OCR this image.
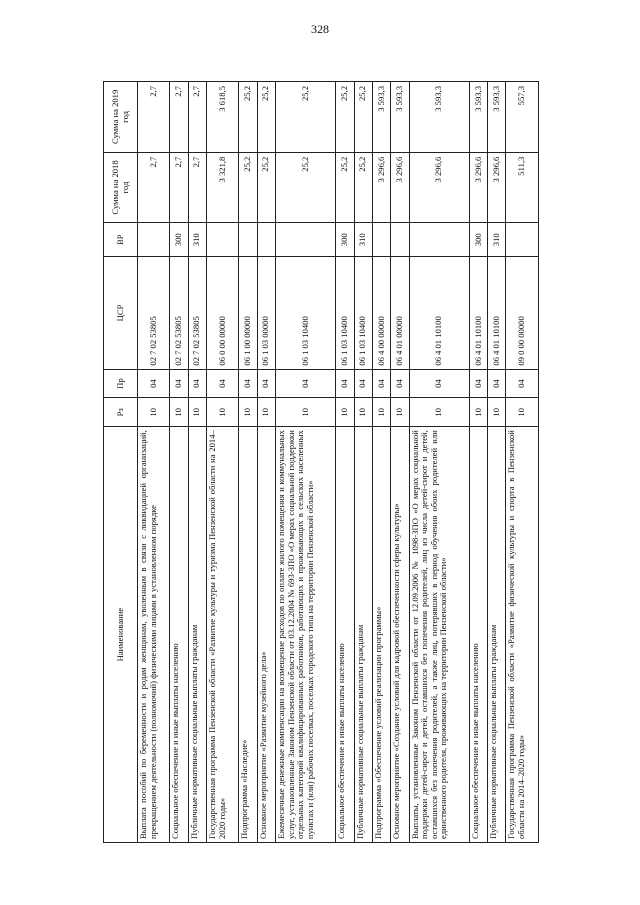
328
Наименование	Рз	Пр	ЦСР	ВР	Сумма на 2018 год	Сумма на 2019 год
Выплата пособий по беременности и родам женщинам, уволенным в связи с ликвидацией организаций, прекращением деятельности (полномочий) физическими лицами в установленном порядке	10	04	02 7 02 53805		2,7	2,7
Социальное обеспечение и иные выплаты населению	10	04	02 7 02 53805	300	2,7	2,7
Публичные нормативные социальные выплаты гражданам	10	04	02 7 02 53805	310	2,7	2,7
Государственная программа Пензенской области «Развитие культуры и туризма Пензенской области на 2014–2020 годы»	10	04	06 0 00 00000		3 321,8	3 618,5
Подпрограмма «Наследие»	10	04	06 1 00 00000		25,2	25,2
Основное мероприятие «Развитие музейного дела»	10	04	06 1 03 00000		25,2	25,2
Ежемесячные денежные компенсации на возмещение расходов по оплате жилого помещения и коммунальных услуг, установленные Законом Пензенской области от 03.12.2004 № 693-ЗПО «О мерах социальной поддержки отдельных категорий квалифицированных работников, работающих и проживающих в сельских населенных пунктах и (или) рабочих поселках, поселках городского типа на территории Пензенской области»	10	04	06 1 03 10400		25,2	25,2
Социальное обеспечение и иные выплаты населению	10	04	06 1 03 10400	300	25,2	25,2
Публичные нормативные социальные выплаты гражданам	10	04	06 1 03 10400	310	25,2	25,2
Подпрограмма «Обеспечение условий реализации программы»	10	04	06 4 00 00000		3 296,6	3 593,3
Основное мероприятие «Создание условий для кадровой обеспеченности сферы культуры»	10	04	06 4 01 00000		3 296,6	3 593,3
Выплаты, установленные Законом Пензенской области от 12.09.2006 № 1098-ЗПО «О мерах социальной поддержки детей-сирот и детей, оставшихся без попечения родителей, лиц из числа детей-сирот и детей, оставшихся без попечения родителей, а также лиц, потерявших в период обучения обоих родителей или единственного родителя, проживающих на территории Пензенской области»	10	04	06 4 01 10100		3 296,6	3 593,3
Социальное обеспечение и иные выплаты населению	10	04	06 4 01 10100	300	3 296,6	3 593,3
Публичные нормативные социальные выплаты гражданам	10	04	06 4 01 10100	310	3 296,6	3 593,3
Государственная программа Пензенской области «Развитие физической культуры и спорта в Пензенской области на 2014–2020 годы»	10	04	09 0 00 00000		511,3	557,3
